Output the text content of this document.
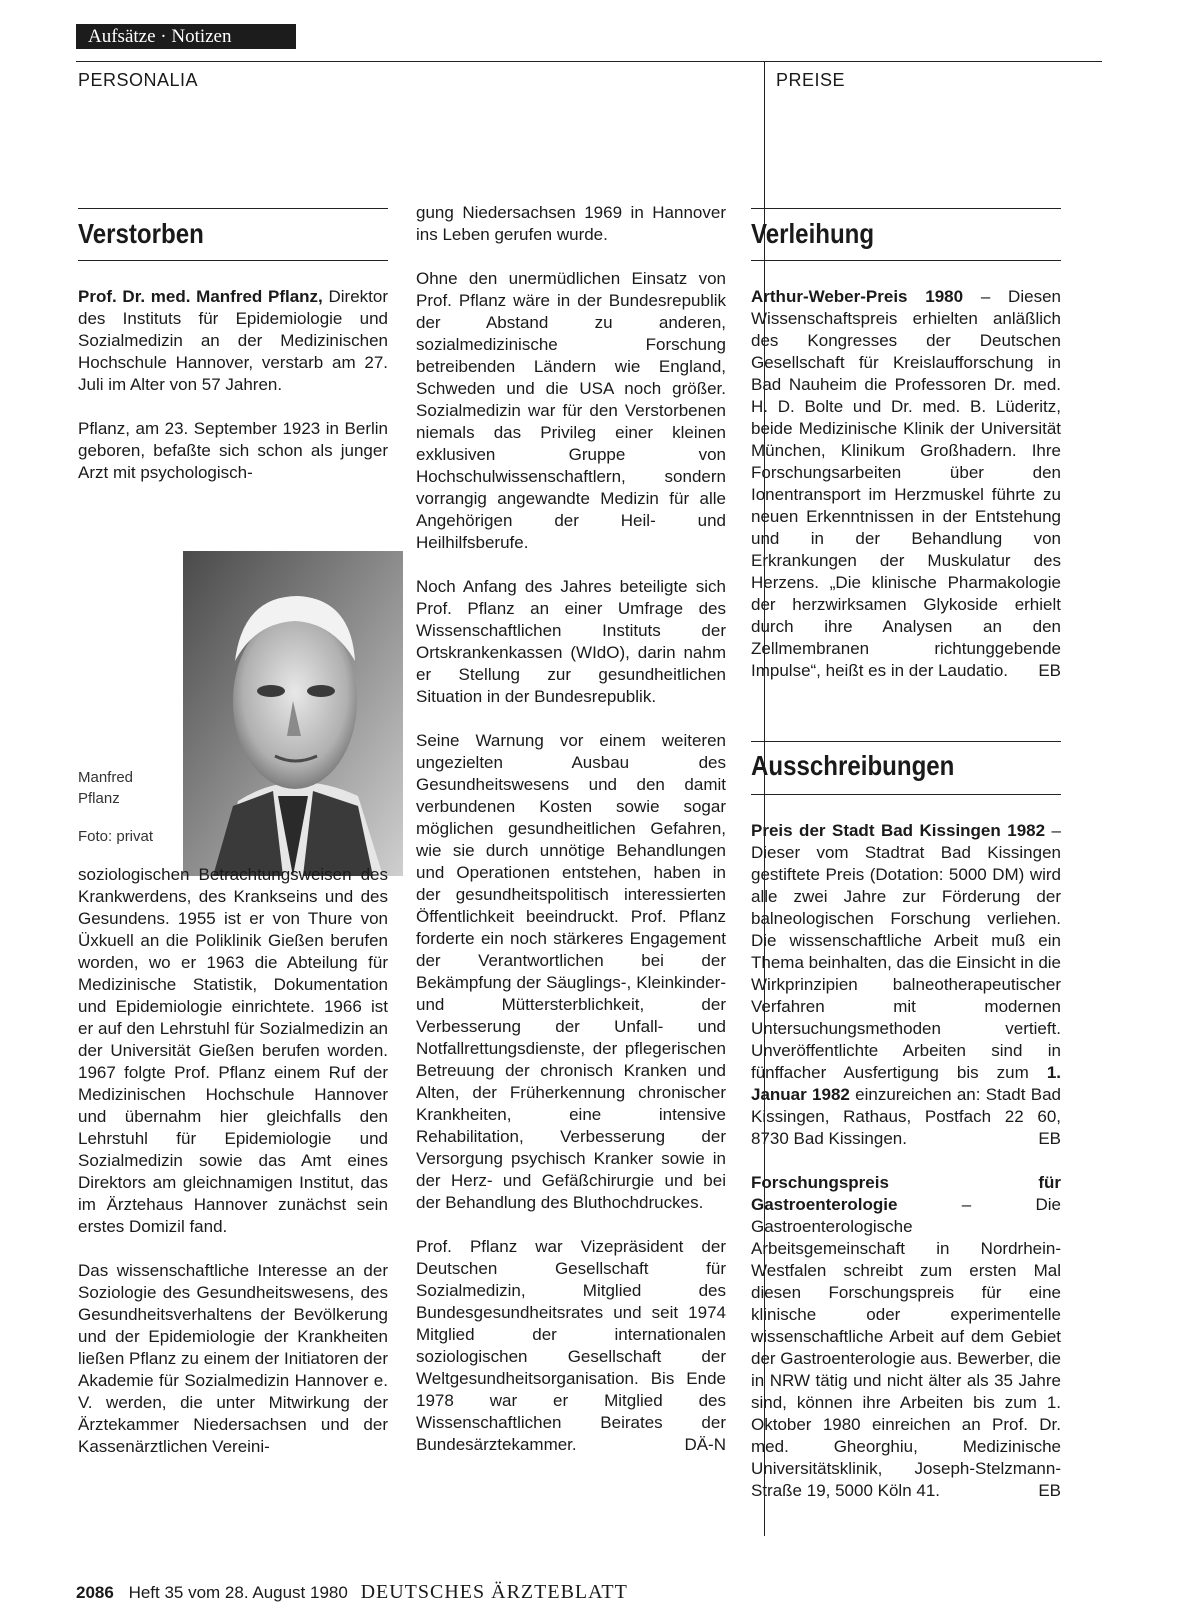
Aufsätze · Notizen
PERSONALIA	PREISE
Verstorben

Prof. Dr. med. Manfred Pflanz, Direktor des Instituts für Epidemiologie und Sozialmedizin an der Medizinischen Hochschule Hannover, verstarb am 27. Juli im Alter von 57 Jahren.

Pflanz, am 23. September 1923 in Berlin geboren, befaßte sich schon als junger Arzt mit psychologisch-

Manfred Pflanz
Foto: privat

soziologischen Betrachtungsweisen des Krankwerdens, des Krankseins und des Gesundens. 1955 ist er von Thure von Üxkuell an die Poliklinik Gießen berufen worden, wo er 1963 die Abteilung für Medizinische Statistik, Dokumentation und Epidemiologie einrichtete. 1966 ist er auf den Lehrstuhl für Sozialmedizin an der Universität Gießen berufen worden. 1967 folgte Prof. Pflanz einem Ruf der Medizinischen Hochschule Hannover und übernahm hier gleichfalls den Lehrstuhl für Epidemiologie und Sozialmedizin sowie das Amt eines Direktors am gleichnamigen Institut, das im Ärztehaus Hannover zunächst sein erstes Domizil fand.

Das wissenschaftliche Interesse an der Soziologie des Gesundheitswesens, des Gesundheitsverhaltens der Bevölkerung und der Epidemiologie der Krankheiten ließen Pflanz zu einem der Initiatoren der Akademie für Sozialmedizin Hannover e. V. werden, die unter Mitwirkung der Ärztekammer Niedersachsen und der Kassenärztlichen Vereini-

gung Niedersachsen 1969 in Hannover ins Leben gerufen wurde.

Ohne den unermüdlichen Einsatz von Prof. Pflanz wäre in der Bundesrepublik der Abstand zu anderen, sozialmedizinische Forschung betreibenden Ländern wie England, Schweden und die USA noch größer. Sozialmedizin war für den Verstorbenen niemals das Privileg einer kleinen exklusiven Gruppe von Hochschulwissenschaftlern, sondern vorrangig angewandte Medizin für alle Angehörigen der Heil- und Heilhilfsberufe.

Noch Anfang des Jahres beteiligte sich Prof. Pflanz an einer Umfrage des Wissenschaftlichen Instituts der Ortskrankenkassen (WIdO), darin nahm er Stellung zur gesundheitlichen Situation in der Bundesrepublik.

Seine Warnung vor einem weiteren ungezielten Ausbau des Gesundheitswesens und den damit verbundenen Kosten sowie sogar möglichen gesundheitlichen Gefahren, wie sie durch unnötige Behandlungen und Operationen entstehen, haben in der gesundheitspolitisch interessierten Öffentlichkeit beeindruckt. Prof. Pflanz forderte ein noch stärkeres Engagement der Verantwortlichen bei der Bekämpfung der Säuglings-, Kleinkinder- und Müttersterblichkeit, der Verbesserung der Unfall- und Notfallrettungsdienste, der pflegerischen Betreuung der chronisch Kranken und Alten, der Früherkennung chronischer Krankheiten, eine intensive Rehabilitation, Verbesserung der Versorgung psychisch Kranker sowie in der Herz- und Gefäßchirurgie und bei der Behandlung des Bluthochdruckes.

Prof. Pflanz war Vizepräsident der Deutschen Gesellschaft für Sozialmedizin, Mitglied des Bundesgesundheitsrates und seit 1974 Mitglied der internationalen soziologischen Gesellschaft der Weltgesundheitsorganisation. Bis Ende 1978 war er Mitglied des Wissenschaftlichen Beirates der Bundesärztekammer.	DÄ-N

Verleihung

Arthur-Weber-Preis 1980 – Diesen Wissenschaftspreis erhielten anläßlich des Kongresses der Deutschen Gesellschaft für Kreislaufforschung in Bad Nauheim die Professoren Dr. med. H. D. Bolte und Dr. med. B. Lüderitz, beide Medizinische Klinik der Universität München, Klinikum Großhadern. Ihre Forschungsarbeiten über den Ionentransport im Herzmuskel führte zu neuen Erkenntnissen in der Entstehung und in der Behandlung von Erkrankungen der Muskulatur des Herzens. „Die klinische Pharmakologie der herzwirksamen Glykoside erhielt durch ihre Analysen an den Zellmembranen richtunggebende Impulse“, heißt es in der Laudatio. EB

Ausschreibungen

Preis der Stadt Bad Kissingen 1982 – Dieser vom Stadtrat Bad Kissingen gestiftete Preis (Dotation: 5000 DM) wird alle zwei Jahre zur Förderung der balneologischen Forschung verliehen. Die wissenschaftliche Arbeit muß ein Thema beinhalten, das die Einsicht in die Wirkprinzipien balneotherapeutischer Verfahren mit modernen Untersuchungsmethoden vertieft. Unveröffentlichte Arbeiten sind in fünffacher Ausfertigung bis zum 1. Januar 1982 einzureichen an: Stadt Bad Kissingen, Rathaus, Postfach 22 60, 8730 Bad Kissingen.	EB

Forschungspreis für Gastroenterologie – Die Gastroenterologische Arbeitsgemeinschaft in Nordrhein-Westfalen schreibt zum ersten Mal diesen Forschungspreis für eine klinische oder experimentelle wissenschaftliche Arbeit auf dem Gebiet der Gastroenterologie aus. Bewerber, die in NRW tätig und nicht älter als 35 Jahre sind, können ihre Arbeiten bis zum 1. Oktober 1980 einreichen an Prof. Dr. med. Gheorghiu, Medizinische Universitätsklinik, Joseph-Stelzmann-Straße 19, 5000 Köln 41.	EB

2086 Heft 35 vom 28. August 1980 DEUTSCHES ÄRZTEBLATT
